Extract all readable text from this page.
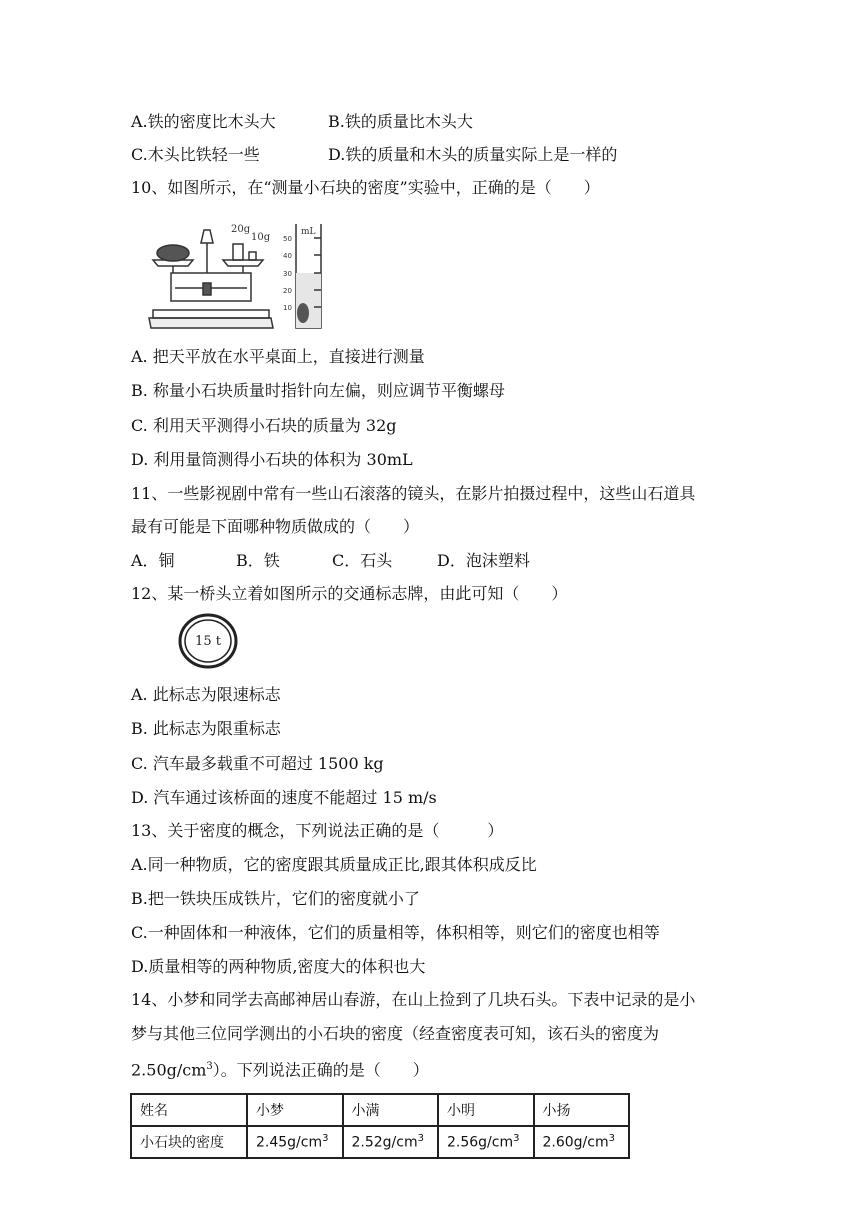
A.铁的密度比木头大	B.铁的质量比木头大
C.木头比铁轻一些	D.铁的质量和木头的质量实际上是一样的
10、如图所示，在“测量小石块的密度”实验中，正确的是（　　）
20g
10g	mL
50
40
30
20
10
A. 把天平放在水平桌面上，直接进行测量
B. 称量小石块质量时指针向左偏，则应调节平衡螺母
C. 利用天平测得小石块的质量为 32g
D. 利用量筒测得小石块的体积为 30mL
11、一些影视剧中常有一些山石滚落的镜头，在影片拍摄过程中，这些山石道具
最有可能是下面哪种物质做成的（　　）
A．铜	B．铁	C．石头	D．泡沫塑料
12、某一桥头立着如图所示的交通标志牌，由此可知（　　）
15 t
A. 此标志为限速标志
B. 此标志为限重标志
C. 汽车最多载重不可超过 1500 kg
D. 汽车通过该桥面的速度不能超过 15 m/s
13、关于密度的概念，下列说法正确的是（　　　）
A.同一种物质，它的密度跟其质量成正比,跟其体积成反比
B.把一铁块压成铁片，它们的密度就小了
C.一种固体和一种液体，它们的质量相等，体积相等，则它们的密度也相等
D.质量相等的两种物质,密度大的体积也大
14、小梦和同学去高邮神居山春游，在山上捡到了几块石头。下表中记录的是小
梦与其他三位同学测出的小石块的密度（经查密度表可知，该石头的密度为
$2.50g/cm^3$）。下列说法正确的是（　　）
姓名	小梦	小满	小明	小扬
小石块的密度	$2.45g/cm^3$	$2.52g/cm^3$	$2.56g/cm^3$	$2.60g/cm^3$
